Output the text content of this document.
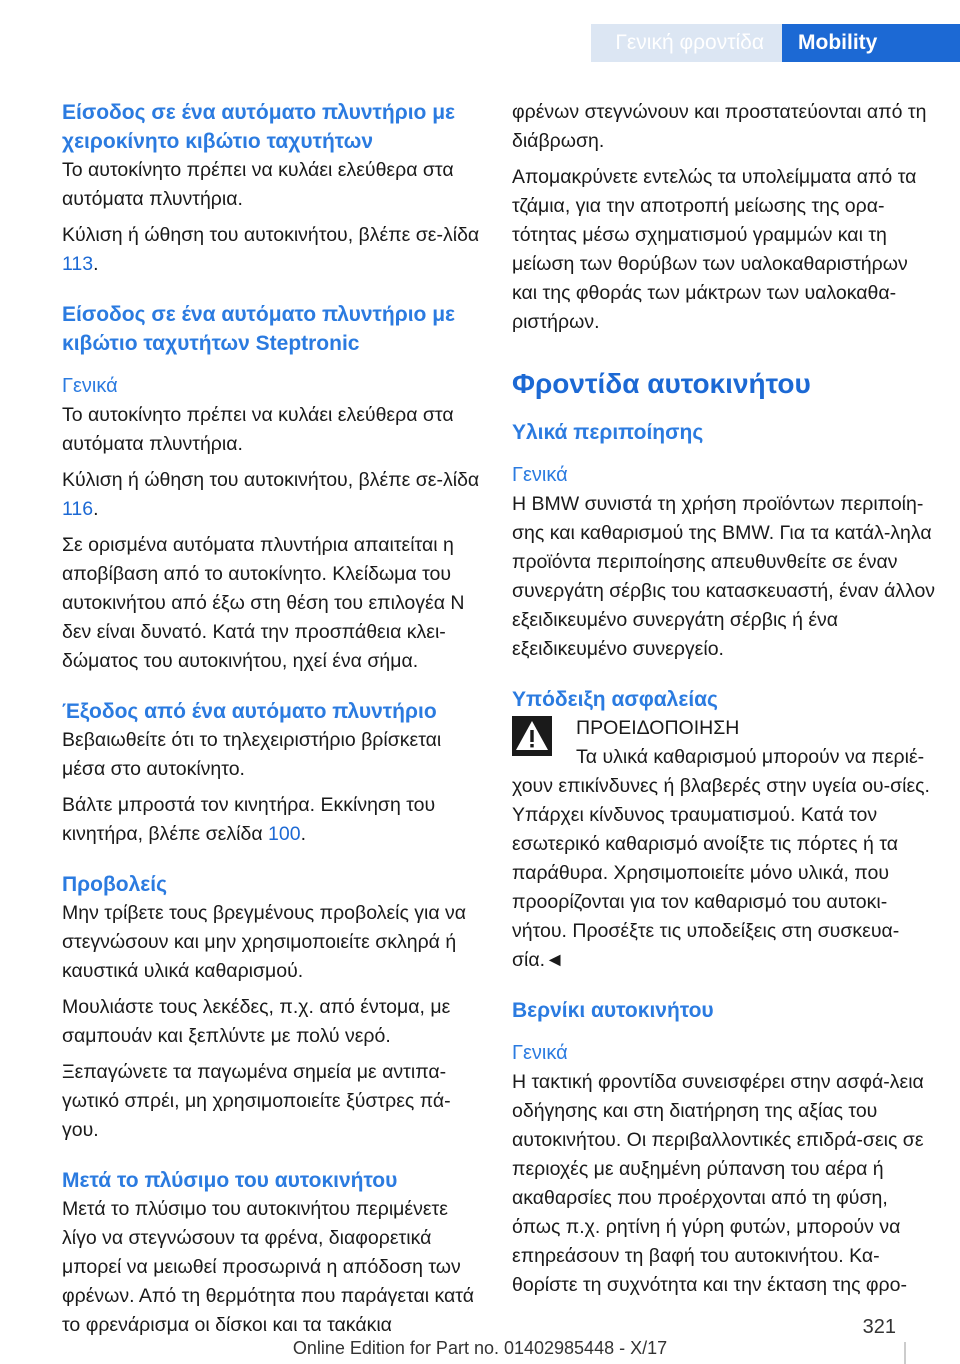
Γενική φροντίδα	Mobility
Είσοδος σε ένα αυτόματο πλυντήριο με χειροκίνητο κιβώτιο ταχυτήτων

Το αυτοκίνητο πρέπει να κυλάει ελεύθερα στα αυτόματα πλυντήρια.

Κύλιση ή ώθηση του αυτοκινήτου, βλέπε σε-λίδα 113.

Είσοδος σε ένα αυτόματο πλυντήριο με κιβώτιο ταχυτήτων Steptronic
Γενικά

Το αυτοκίνητο πρέπει να κυλάει ελεύθερα στα αυτόματα πλυντήρια.

Κύλιση ή ώθηση του αυτοκινήτου, βλέπε σε-λίδα 116.

Σε ορισμένα αυτόματα πλυντήρια απαιτείται η αποβίβαση από το αυτοκίνητο. Κλείδωμα του αυτοκινήτου από έξω στη θέση του επιλογέα N δεν είναι δυνατό. Κατά την προσπάθεια κλει-δώματος του αυτοκινήτου, ηχεί ένα σήμα.

Έξοδος από ένα αυτόματο πλυντήριο

Βεβαιωθείτε ότι το τηλεχειριστήριο βρίσκεται μέσα στο αυτοκίνητο.

Βάλτε μπροστά τον κινητήρα. Εκκίνηση του κινητήρα, βλέπε σελίδα 100.

Προβολείς

Μην τρίβετε τους βρεγμένους προβολείς για να στεγνώσουν και μην χρησιμοποιείτε σκληρά ή καυστικά υλικά καθαρισμού.

Μουλιάστε τους λεκέδες, π.χ. από έντομα, με σαμπουάν και ξεπλύντε με πολύ νερό.

Ξεπαγώνετε τα παγωμένα σημεία με αντιπα-γωτικό σπρέι, μη χρησιμοποιείτε ξύστρες πά-γου.

Μετά το πλύσιμο του αυτοκινήτου

Μετά το πλύσιμο του αυτοκινήτου περιμένετε λίγο να στεγνώσουν τα φρένα, διαφορετικά μπορεί να μειωθεί προσωρινά η απόδοση των φρένων. Από τη θερμότητα που παράγεται κατά το φρενάρισμα οι δίσκοι και τα τακάκια

φρένων στεγνώνουν και προστατεύονται από τη διάβρωση.

Απομακρύνετε εντελώς τα υπολείμματα από τα τζάμια, για την αποτροπή μείωσης της ορα-τότητας μέσω σχηματισμού γραμμών και τη μείωση των θορύβων των υαλοκαθαριστήρων και της φθοράς των μάκτρων των υαλοκαθα-ριστήρων.

Φροντίδα αυτοκινήτου
Υλικά περιποίησης
Γενικά

Η BMW συνιστά τη χρήση προϊόντων περιποίη-σης και καθαρισμού της BMW. Για τα κατάλ-ληλα προϊόντα περιποίησης απευθυνθείτε σε έναν συνεργάτη σέρβις του κατασκευαστή, έναν άλλον εξειδικευμένο συνεργάτη σέρβις ή ένα εξειδικευμένο συνεργείο.

Υπόδειξη ασφαλείας

ΠΡΟΕΙΔΟΠΟΙΗΣΗ

Τα υλικά καθαρισμού μπορούν να περιέ-

χουν επικίνδυνες ή βλαβερές στην υγεία ου-σίες. Υπάρχει κίνδυνος τραυματισμού. Κατά τον εσωτερικό καθαρισμό ανοίξτε τις πόρτες ή τα παράθυρα. Χρησιμοποιείτε μόνο υλικά, που προορίζονται για τον καθαρισμό του αυτοκι-νήτου. Προσέξτε τις υποδείξεις στη συσκευα-σία.◄

Βερνίκι αυτοκινήτου
Γενικά

Η τακτική φροντίδα συνεισφέρει στην ασφά-λεια οδήγησης και στη διατήρηση της αξίας του αυτοκινήτου. Οι περιβαλλοντικές επιδρά-σεις σε περιοχές με αυξημένη ρύπανση του αέρα ή ακαθαρσίες που προέρχονται από τη φύση, όπως π.χ. ρητίνη ή γύρη φυτών, μπορούν να επηρεάσουν τη βαφή του αυτοκινήτου. Κα-θορίστε τη συχνότητα και την έκταση της φρο-

321
Online Edition for Part no. 01402985448 - X/17
